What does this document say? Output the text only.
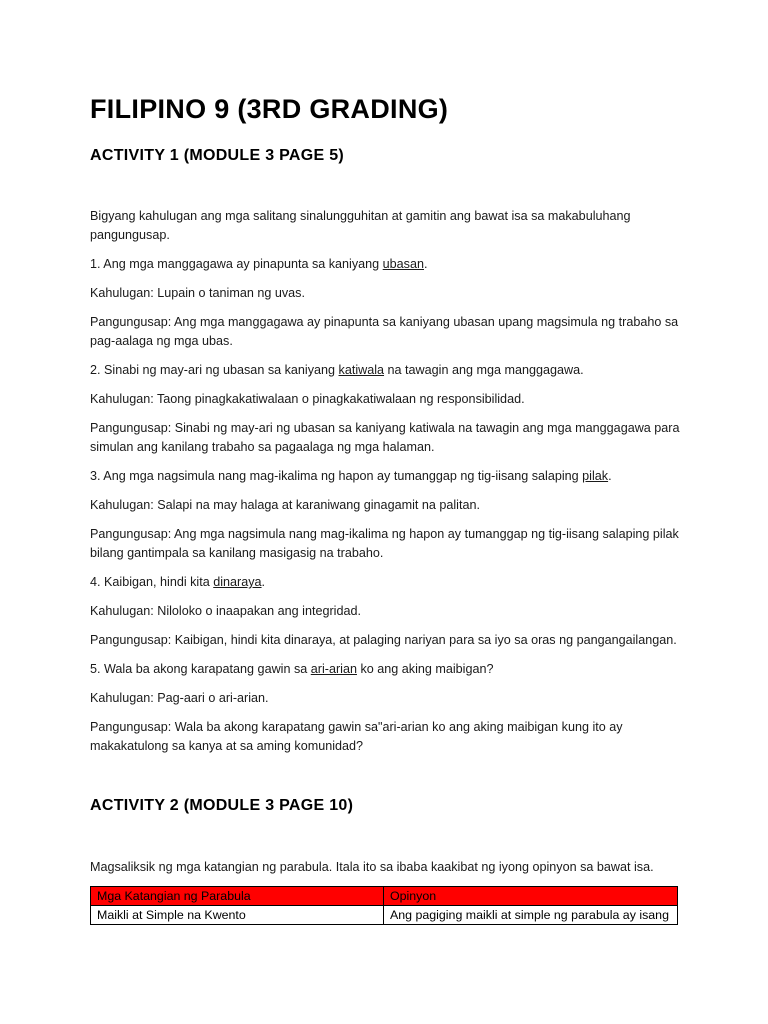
FILIPINO 9 (3RD GRADING)
ACTIVITY 1 (MODULE 3 PAGE 5)

Bigyang kahulugan ang mga salitang sinalungguhitan at gamitin ang bawat isa sa makabuluhang pangungusap.

1. Ang mga manggagawa ay pinapunta sa kaniyang ubasan.

Kahulugan: Lupain o taniman ng uvas.

Pangungusap: Ang mga manggagawa ay pinapunta sa kaniyang ubasan upang magsimula ng trabaho sa pag-aalaga ng mga ubas.

2. Sinabi ng may-ari ng ubasan sa kaniyang katiwala na tawagin ang mga manggagawa.

Kahulugan: Taong pinagkakatiwalaan o pinagkakatiwalaan ng responsibilidad.

Pangungusap: Sinabi ng may-ari ng ubasan sa kaniyang katiwala na tawagin ang mga manggagawa para simulan ang kanilang trabaho sa pagaalaga ng mga halaman.

3. Ang mga nagsimula nang mag-ikalima ng hapon ay tumanggap ng tig-iisang salaping pilak.

Kahulugan: Salapi na may halaga at karaniwang ginagamit na palitan.

Pangungusap: Ang mga nagsimula nang mag-ikalima ng hapon ay tumanggap ng tig-iisang salaping pilak bilang gantimpala sa kanilang masigasig na trabaho.

4. Kaibigan, hindi kita dinaraya.

Kahulugan: Niloloko o inaapakan ang integridad.

Pangungusap: Kaibigan, hindi kita dinaraya, at palaging nariyan para sa iyo sa oras ng pangangailangan.

5. Wala ba akong karapatang gawin sa ari-arian ko ang aking maibigan?

Kahulugan: Pag-aari o ari-arian.

Pangungusap: Wala ba akong karapatang gawin sa"ari-arian ko ang aking maibigan kung ito ay makakatulong sa kanya at sa aming komunidad?

ACTIVITY 2 (MODULE 3 PAGE 10)

Magsaliksik ng mga katangian ng parabula. Itala ito sa ibaba kaakibat ng iyong opinyon sa bawat isa.

Mga Katangian ng Parabula	Opinyon
Maikli at Simple na Kwento	Ang pagiging maikli at simple ng parabula ay isang
